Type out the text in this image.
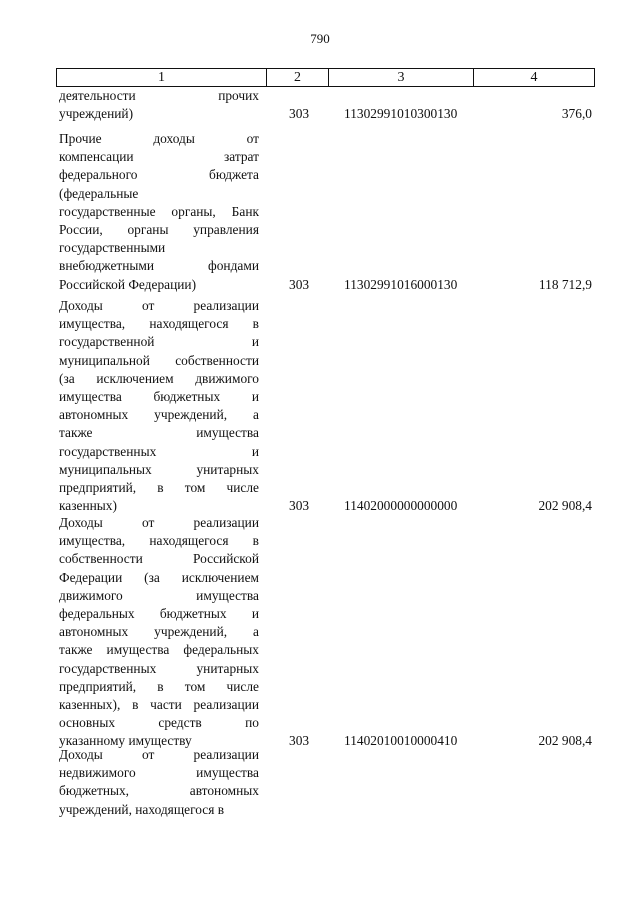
790
1	2	3	4
деятельности прочих
учреждений)	303	11302991010300130	376,0
Прочие доходы от
компенсации затрат
федерального бюджета
(федеральные
государственные органы, Банк
России, органы управления
государственными
внебюджетными фондами
Российской Федерации)	303	11302991016000130	118 712,9
Доходы от реализации
имущества, находящегося в
государственной и
муниципальной собственности
(за исключением движимого
имущества бюджетных и
автономных учреждений, а
также имущества
государственных и
муниципальных унитарных
предприятий, в том числе
казенных)	303	11402000000000000	202 908,4
Доходы от реализации
имущества, находящегося в
собственности Российской
Федерации (за исключением
движимого имущества
федеральных бюджетных и
автономных учреждений, а
также имущества федеральных
государственных унитарных
предприятий, в том числе
казенных), в части реализации
основных средств по
указанному имуществу	303	11402010010000410	202 908,4
Доходы от реализации
недвижимого имущества
бюджетных, автономных
учреждений, находящегося в
